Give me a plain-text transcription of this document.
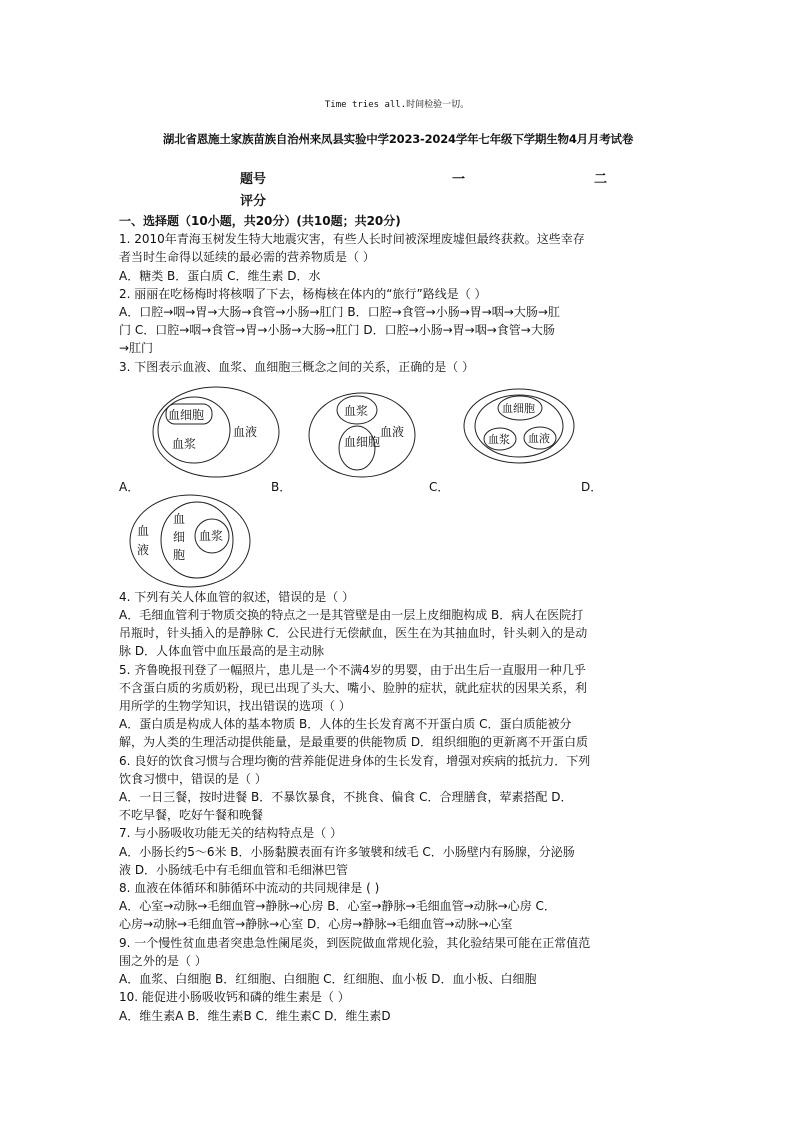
Time tries all.时间检验一切。
湖北省恩施土家族苗族自治州来凤县实验中学2023-2024学年七年级下学期生物4月月考试卷
题号	一	二
评分

一、选择题（10小题，共20分）(共10题；共20分)

1. 2010年青海玉树发生特大地震灾害，有些人长时间被深埋废墟但最终获救。这些幸存

者当时生命得以延续的最必需的营养物质是（ ）

A．糖类 B．蛋白质 C．维生素 D．水

2. 丽丽在吃杨梅时将核咽了下去，杨梅核在体内的“旅行”路线是（ ）

A．口腔→咽→胃→大肠→食管→小肠→肛门 B．口腔→食管→小肠→胃→咽→大肠→肛

门 C．口腔→咽→食管→胃→小肠→大肠→肛门 D．口腔→小肠→胃→咽→食管→大肠

→肛门

3. 下图表示血液、血浆、血细胞三概念之间的关系，正确的是（ ）

血细胞
血浆
血液
血浆
血细胞
血液
血细胞
血浆 血液
血
液
血
细
胞
血浆
A．	B．	C．	D．

4. 下列有关人体血管的叙述，错误的是（ ）

A．毛细血管利于物质交换的特点之一是其管壁是由一层上皮细胞构成 B．病人在医院打

吊瓶时，针头插入的是静脉 C．公民进行无偿献血，医生在为其抽血时，针头刺入的是动

脉 D．人体血管中血压最高的是主动脉

5. 齐鲁晚报刊登了一幅照片，患儿是一个不满4岁的男婴，由于出生后一直服用一种几乎

不含蛋白质的劣质奶粉，现已出现了头大、嘴小、脸肿的症状，就此症状的因果关系，利

用所学的生物学知识，找出错误的选项（ ）

A．蛋白质是构成人体的基本物质 B．人体的生长发育离不开蛋白质 C．蛋白质能被分

解，为人类的生理活动提供能量，是最重要的供能物质 D．组织细胞的更新离不开蛋白质

6. 良好的饮食习惯与合理均衡的营养能促进身体的生长发育，增强对疾病的抵抗力．下列

饮食习惯中，错误的是（ ）

A．一日三餐，按时进餐 B．不暴饮暴食，不挑食、偏食 C．合理膳食，荤素搭配 D．

不吃早餐，吃好午餐和晚餐

7. 与小肠吸收功能无关的结构特点是（ ）

A．小肠长约5～6米 B．小肠黏膜表面有许多皱襞和绒毛 C．小肠壁内有肠腺，分泌肠

液 D．小肠绒毛中有毛细血管和毛细淋巴管

8. 血液在体循环和肺循环中流动的共同规律是 ( )

A．心室→动脉→毛细血管→静脉→心房 B．心室→静脉→毛细血管→动脉→心房 C．

心房→动脉→毛细血管→静脉→心室 D．心房→静脉→毛细血管→动脉→心室

9. 一个慢性贫血患者突患急性阑尾炎，到医院做血常规化验，其化验结果可能在正常值范

围之外的是（ ）

A．血浆、白细胞 B．红细胞、白细胞 C．红细胞、血小板 D．血小板、白细胞

10. 能促进小肠吸收钙和磷的维生素是（ ）

A．维生素A B．维生素B C．维生素C D．维生素D
